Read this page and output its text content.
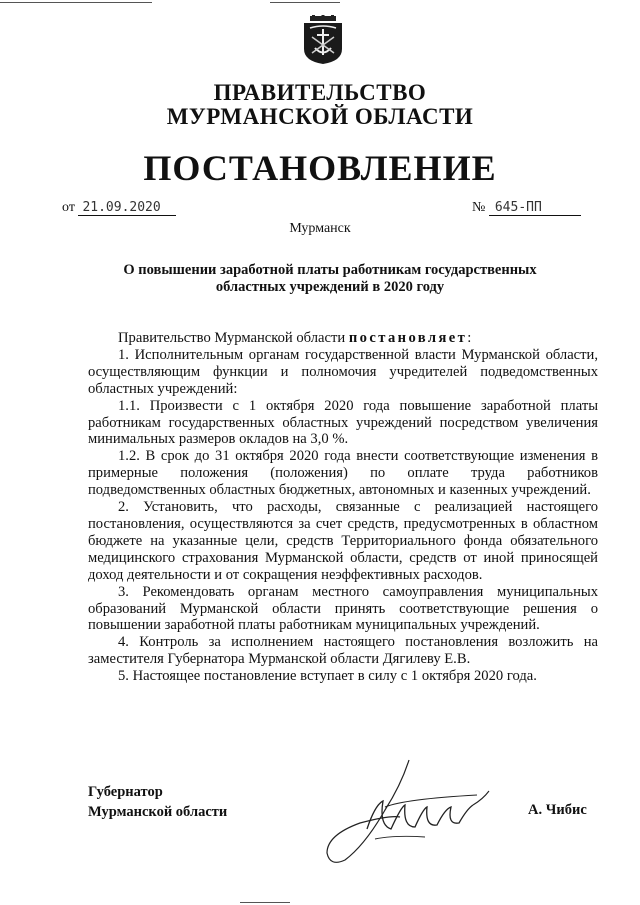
ПРАВИТЕЛЬСТВО
МУРМАНСКОЙ ОБЛАСТИ
ПОСТАНОВЛЕНИЕ
от 21.09.2020	№ 645-ПП
Мурманск
О повышении заработной платы работникам государственных
областных учреждений в 2020 году

Правительство Мурманской области постановляет:

1. Исполнительным органам государственной власти Мурманской области, осуществляющим функции и полномочия учредителей подведомственных областных учреждений:

1.1. Произвести с 1 октября 2020 года повышение заработной платы работникам государственных областных учреждений посредством увеличения минимальных размеров окладов на 3,0 %.

1.2. В срок до 31 октября 2020 года внести соответствующие изменения в примерные положения (положения) по оплате труда работников подведомственных областных бюджетных, автономных и казенных учреждений.

2. Установить, что расходы, связанные с реализацией настоящего постановления, осуществляются за счет средств, предусмотренных в областном бюджете на указанные цели, средств Территориального фонда обязательного медицинского страхования Мурманской области, средств от иной приносящей доход деятельности и от сокращения неэффективных расходов.

3. Рекомендовать органам местного самоуправления муниципальных образований Мурманской области принять соответствующие решения о повышении заработной платы работникам муниципальных учреждений.

4. Контроль за исполнением настоящего постановления возложить на заместителя Губернатора Мурманской области Дягилеву Е.В.

5. Настоящее постановление вступает в силу с 1 октября 2020 года.

Губернатор
Мурманской области	А. Чибис
